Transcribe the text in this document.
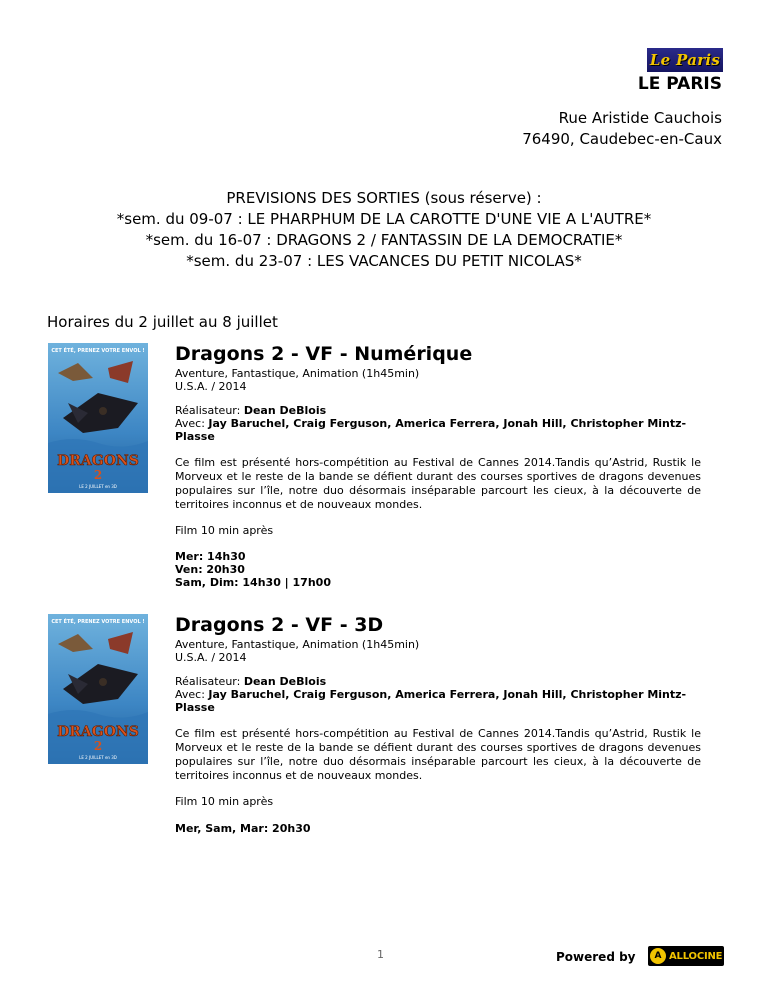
Le Paris
LE PARIS
Rue Aristide Cauchois
76490, Caudebec-en-Caux
PREVISIONS DES SORTIES (sous réserve) :
*sem. du 09-07 : LE PHARPHUM DE LA CAROTTE D'UNE VIE A L'AUTRE*
*sem. du 16-07 : DRAGONS 2 / FANTASSIN DE LA DEMOCRATIE*
*sem. du 23-07 : LES VACANCES DU PETIT NICOLAS*
Horaires du 2 juillet au 8 juillet
CET ÉTÉ, PRENEZ VOTRE ENVOL !
DRAGONS
2
LE 2 JUILLET en 3D
Dragons 2 - VF - Numérique
Aventure, Fantastique, Animation (1h45min)
U.S.A. / 2014
Réalisateur: Dean DeBlois
Avec: Jay Baruchel, Craig Ferguson, America Ferrera, Jonah Hill, Christopher Mintz-Plasse
Ce film est présenté hors-compétition au Festival de Cannes 2014.Tandis qu’Astrid, Rustik le Morveux et le reste de la bande se défient durant des courses sportives de dragons devenues populaires sur l’île, notre duo désormais inséparable parcourt les cieux, à la découverte de territoires inconnus et de nouveaux mondes.
Film 10 min après
Mer: 14h30
Ven: 20h30
Sam, Dim: 14h30 | 17h00
CET ÉTÉ, PRENEZ VOTRE ENVOL !
DRAGONS
2
LE 2 JUILLET en 3D
Dragons 2 - VF - 3D
Aventure, Fantastique, Animation (1h45min)
U.S.A. / 2014
Réalisateur: Dean DeBlois
Avec: Jay Baruchel, Craig Ferguson, America Ferrera, Jonah Hill, Christopher Mintz-Plasse
Ce film est présenté hors-compétition au Festival de Cannes 2014.Tandis qu’Astrid, Rustik le Morveux et le reste de la bande se défient durant des courses sportives de dragons devenues populaires sur l’île, notre duo désormais inséparable parcourt les cieux, à la découverte de territoires inconnus et de nouveaux mondes.
Film 10 min après
Mer, Sam, Mar: 20h30
1	Powered by	A ALLOCINE
